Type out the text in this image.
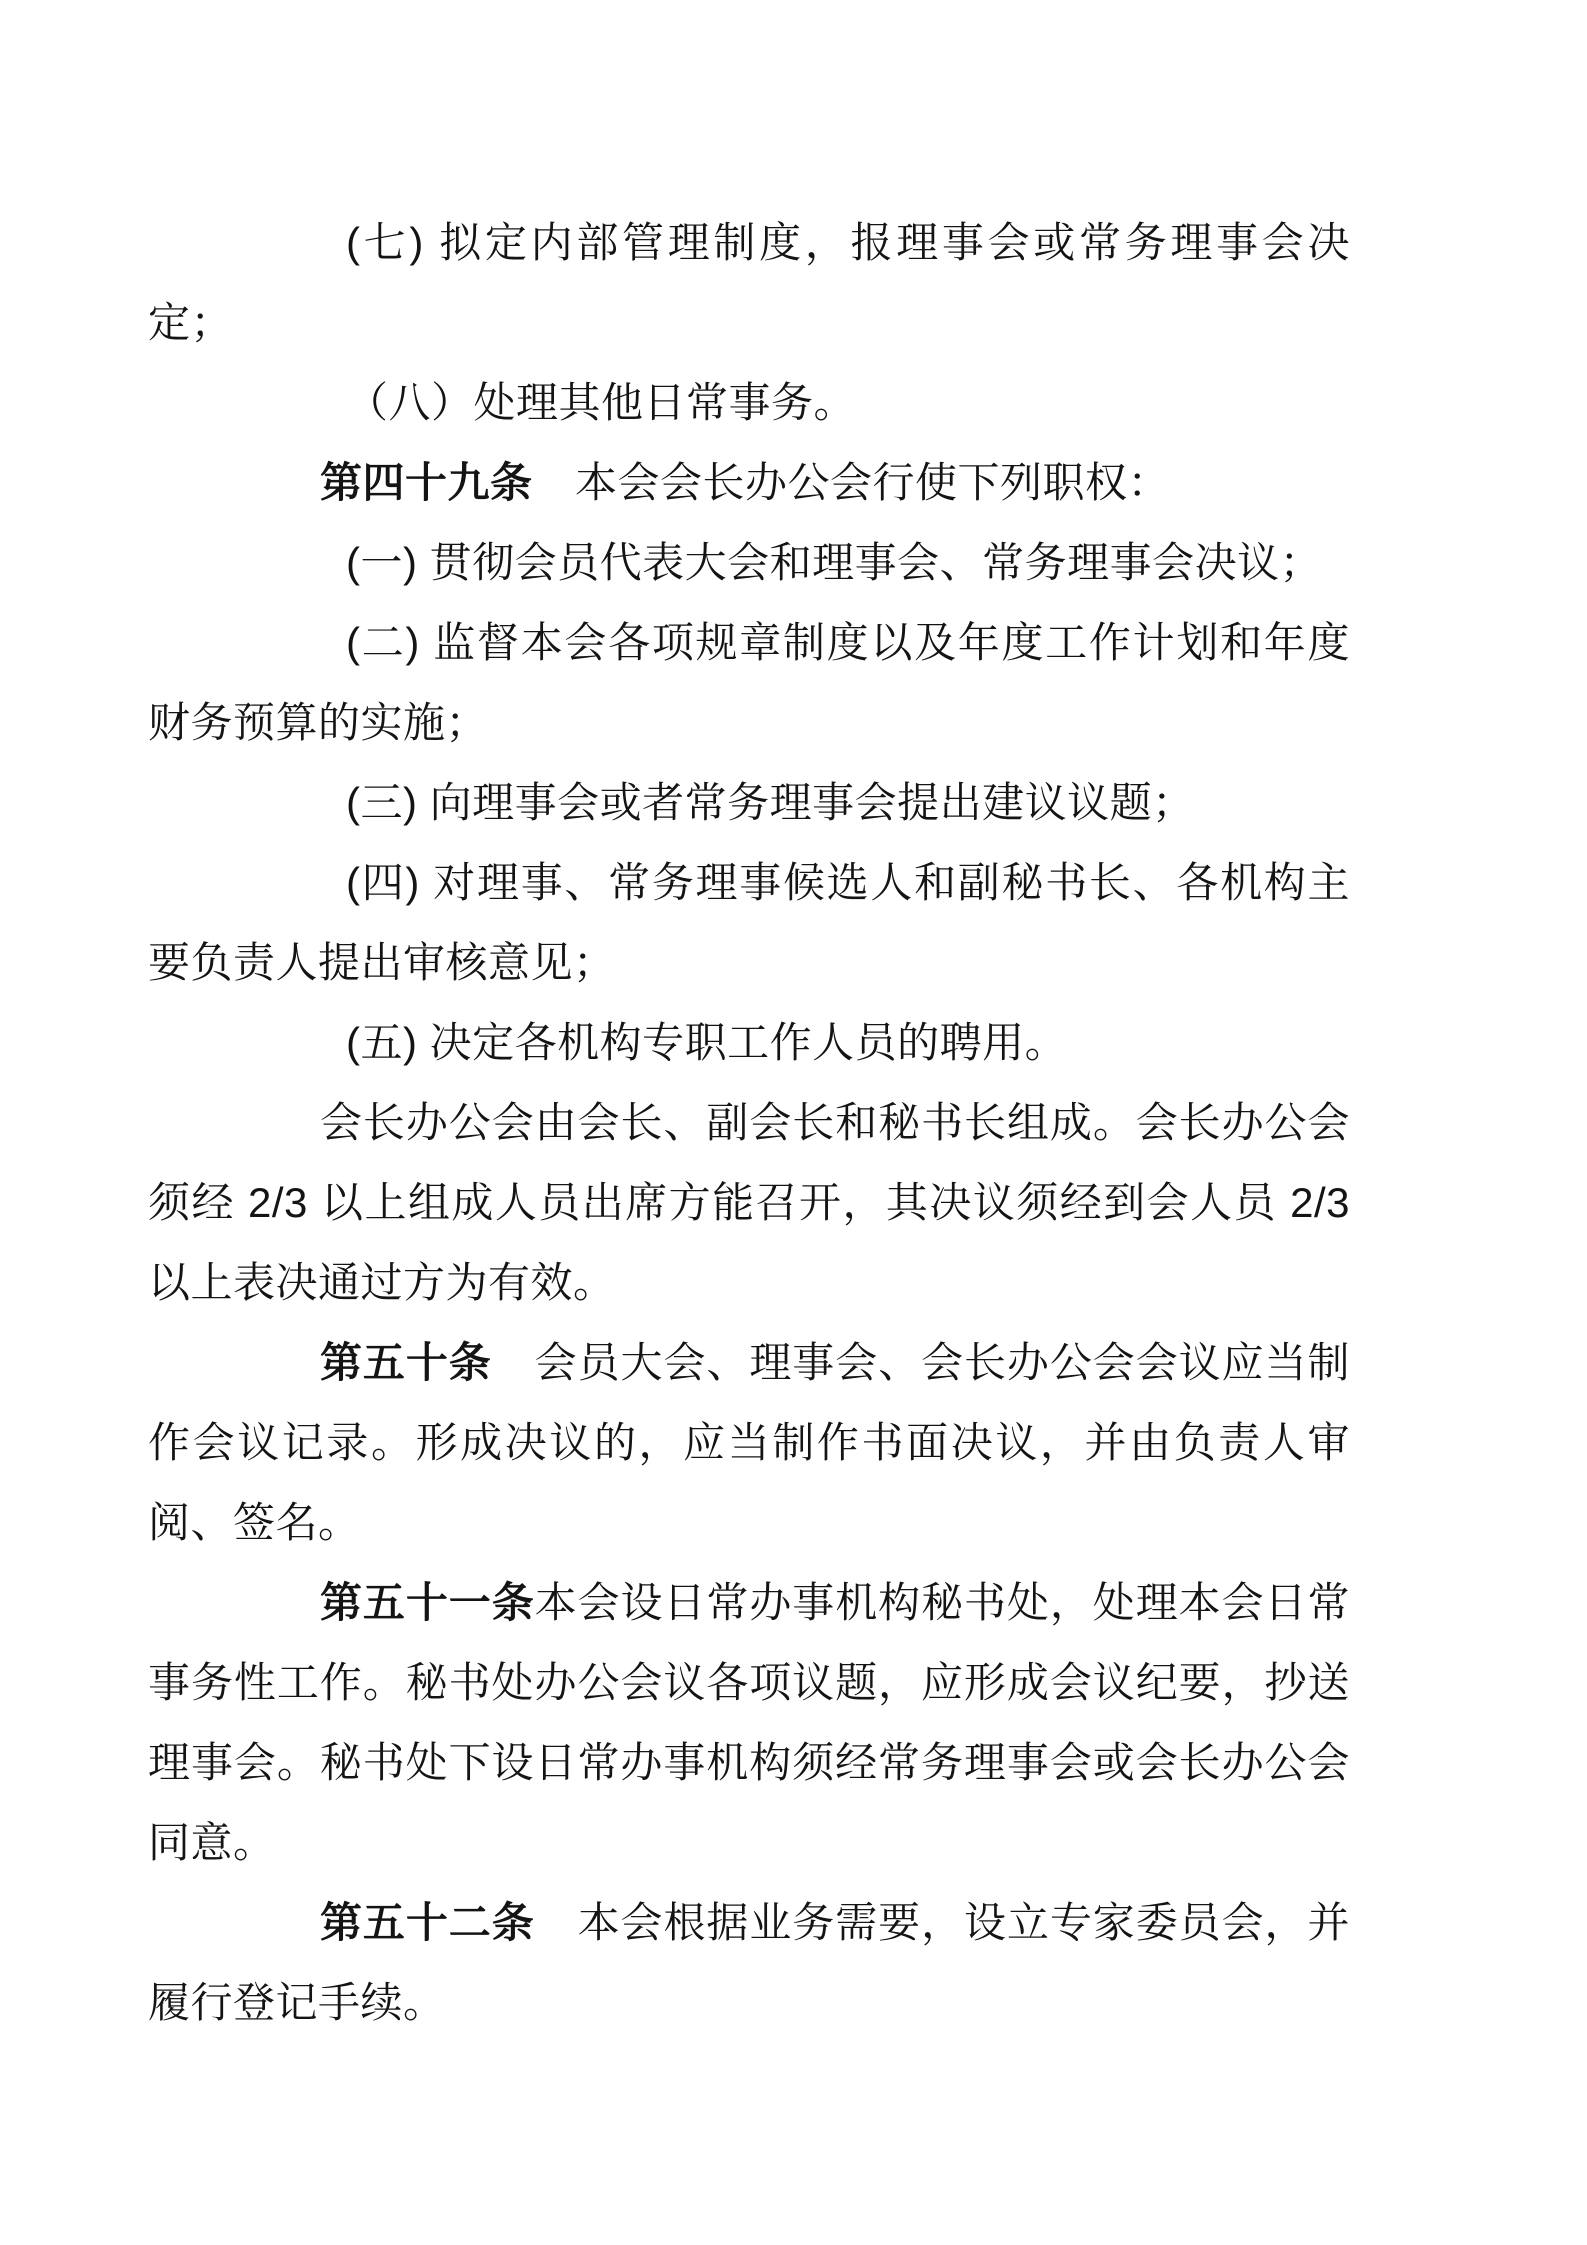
(七) 拟定内部管理制度，报理事会或常务理事会决定；

（八）处理其他日常事务。

第四十九条　本会会长办公会行使下列职权：

(一) 贯彻会员代表大会和理事会、常务理事会决议；

(二) 监督本会各项规章制度以及年度工作计划和年度财务预算的实施；

(三) 向理事会或者常务理事会提出建议议题；

(四) 对理事、常务理事候选人和副秘书长、各机构主要负责人提出审核意见；

(五) 决定各机构专职工作人员的聘用。

会长办公会由会长、副会长和秘书长组成。会长办公会须经 2/3 以上组成人员出席方能召开，其决议须经到会人员 2/3 以上表决通过方为有效。

第五十条　会员大会、理事会、会长办公会会议应当制作会议记录。形成决议的，应当制作书面决议，并由负责人审阅、签名。

第五十一条本会设日常办事机构秘书处，处理本会日常事务性工作。秘书处办公会议各项议题，应形成会议纪要，抄送理事会。秘书处下设日常办事机构须经常务理事会或会长办公会同意。

第五十二条　本会根据业务需要，设立专家委员会，并履行登记手续。
